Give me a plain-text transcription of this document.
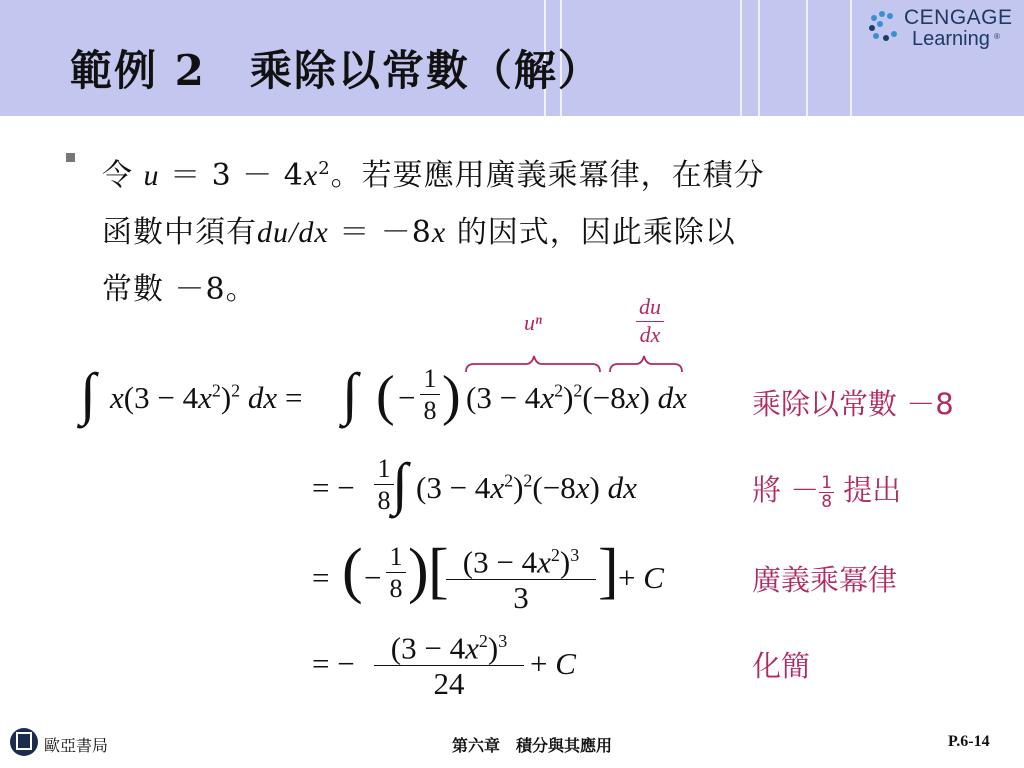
範例 2　乘除以常數（解）
CENGAGE
Learning ®
令 $u = 3 - 4x^2$。若要應用廣義乘冪律，在積分
函數中須有du/dx ＝ －8x 的因式，因此乘除以
常數 －8。
uⁿ
du
dx
∫ $x(3 - 4x^2)^2$ dx = ∫ ( −
1
8 ) $(3 - 4x^2)^2(-8x)$ dx 乘除以常數 －8
= −
1
8 ∫ $(3 - 4x^2)^2(-8x)$ dx	將 － $\frac{1}{8}$ 提出
= ( −
1
8 ) [ $(3 - 4x^2)^3$
3	] + C	廣義乘冪律
= −	$(3 - 4x^2)^3$
24
+ C	化簡
歐亞書局	第六章　積分與其應用	P.6-14
